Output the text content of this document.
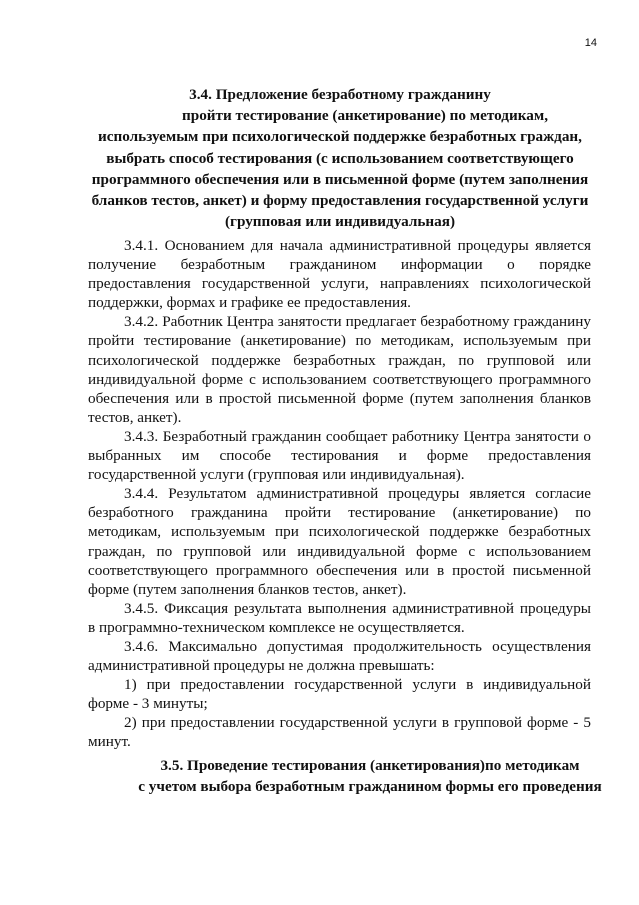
14
3.4. Предложение безработному гражданину
пройти тестирование (анкетирование) по методикам,
используемым при психологической поддержке безработных граждан,
выбрать способ тестирования (с использованием соответствующего
программного обеспечения или в письменной форме (путем заполнения
бланков тестов, анкет) и форму предоставления государственной услуги
(групповая или индивидуальная)

3.4.1. Основанием для начала административной процедуры является получение безработным гражданином информации о порядке предоставления государственной услуги, направлениях психологической поддержки, формах и графике ее предоставления.

3.4.2. Работник Центра занятости предлагает безработному гражданину пройти тестирование (анкетирование) по методикам, используемым при психологической поддержке безработных граждан, по групповой или индивидуальной форме с использованием соответствующего программного обеспечения или в простой письменной форме (путем заполнения бланков тестов, анкет).

3.4.3. Безработный гражданин сообщает работнику Центра занятости о выбранных им способе тестирования и форме предоставления государственной услуги (групповая или индивидуальная).

3.4.4. Результатом административной процедуры является согласие безработного гражданина пройти тестирование (анкетирование) по методикам, используемым при психологической поддержке безработных граждан, по групповой или индивидуальной форме с использованием соответствующего программного обеспечения или в простой письменной форме (путем заполнения бланков тестов, анкет).

3.4.5. Фиксация результата выполнения административной процедуры в программно-техническом комплексе не осуществляется.

3.4.6. Максимально допустимая продолжительность осуществления административной процедуры не должна превышать:

1) при предоставлении государственной услуги в индивидуальной форме - 3 минуты;

2) при предоставлении государственной услуги в групповой форме - 5 минут.

3.5. Проведение тестирования (анкетирования)по методикам
с учетом выбора безработным гражданином формы его проведения
